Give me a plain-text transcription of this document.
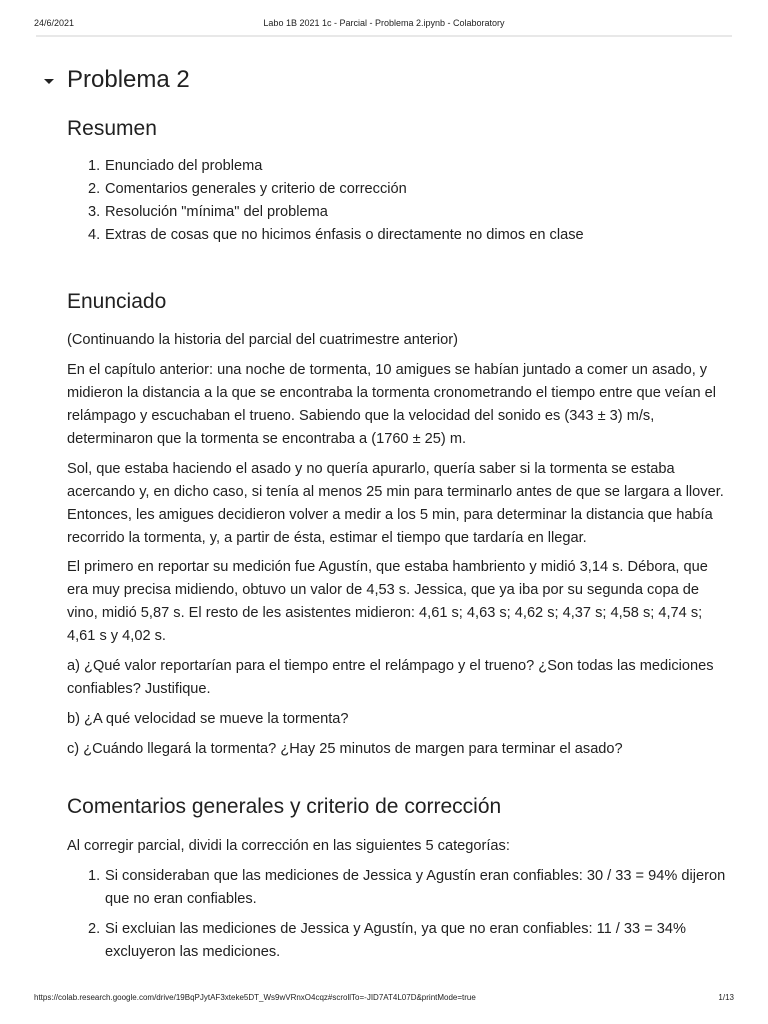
24/6/2021	Labo 1B 2021 1c - Parcial - Problema 2.ipynb - Colaboratory
Problema 2
Resumen
1. Enunciado del problema
2. Comentarios generales y criterio de corrección
3. Resolución "mínima" del problema
4. Extras de cosas que no hicimos énfasis o directamente no dimos en clase
Enunciado
(Continuando la historia del parcial del cuatrimestre anterior)
En el capítulo anterior: una noche de tormenta, 10 amigues se habían juntado a comer un asado, y midieron la distancia a la que se encontraba la tormenta cronometrando el tiempo entre que veían el relámpago y escuchaban el trueno. Sabiendo que la velocidad del sonido es (343 ± 3) m/s, determinaron que la tormenta se encontraba a (1760 ± 25) m.
Sol, que estaba haciendo el asado y no quería apurarlo, quería saber si la tormenta se estaba acercando y, en dicho caso, si tenía al menos 25 min para terminarlo antes de que se largara a llover. Entonces, les amigues decidieron volver a medir a los 5 min, para determinar la distancia que había recorrido la tormenta, y, a partir de ésta, estimar el tiempo que tardaría en llegar.
El primero en reportar su medición fue Agustín, que estaba hambriento y midió 3,14 s. Débora, que era muy precisa midiendo, obtuvo un valor de 4,53 s. Jessica, que ya iba por su segunda copa de vino, midió 5,87 s. El resto de les asistentes midieron: 4,61 s; 4,63 s; 4,62 s; 4,37 s; 4,58 s; 4,74 s; 4,61 s y 4,02 s.
a) ¿Qué valor reportarían para el tiempo entre el relámpago y el trueno? ¿Son todas las mediciones confiables? Justifique.
b) ¿A qué velocidad se mueve la tormenta?
c) ¿Cuándo llegará la tormenta? ¿Hay 25 minutos de margen para terminar el asado?
Comentarios generales y criterio de corrección
Al corregir parcial, dividi la corrección en las siguientes 5 categorías:
1. Si consideraban que las mediciones de Jessica y Agustín eran confiables: 30 / 33 = 94% dijeron que no eran confiables.
2. Si excluian las mediciones de Jessica y Agustín, ya que no eran confiables: 11 / 33 = 34% excluyeron las mediciones.
https://colab.research.google.com/drive/19BqPJytAF3xteke5DT_Ws9wVRnxO4cqz#scrollTo=-JID7AT4L07D&printMode=true	1/13
